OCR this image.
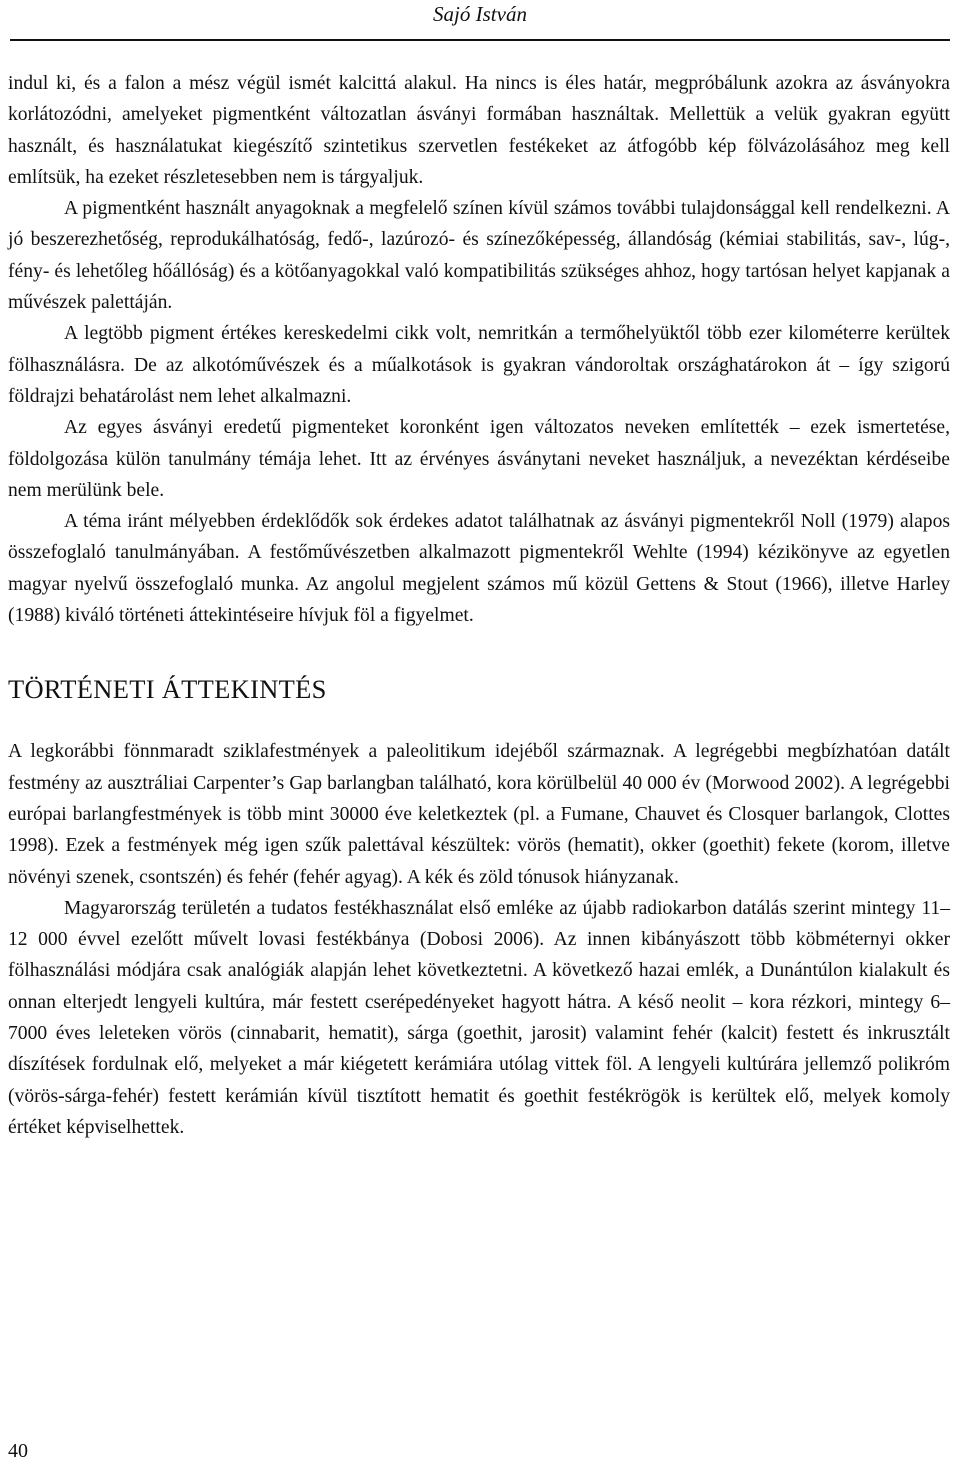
Sajó István

indul ki, és a falon a mész végül ismét kalcittá alakul. Ha nincs is éles határ, megpróbálunk azokra az ásványokra korlátozódni, amelyeket pigmentként változatlan ásványi formában használtak. Mellettük a velük gyakran együtt használt, és használatukat kiegészítő szintetikus szervetlen festékeket az átfogóbb kép fölvázolásához meg kell említsük, ha ezeket részletesebben nem is tárgyaljuk.

A pigmentként használt anyagoknak a megfelelő színen kívül számos további tulajdonsággal kell rendelkezni. A jó beszerezhetőség, reprodukálhatóság, fedő-, lazúrozó- és színezőképesség, állandóság (kémiai stabilitás, sav-, lúg-, fény- és lehetőleg hőállóság) és a kötőanyagokkal való kompatibilitás szükséges ahhoz, hogy tartósan helyet kapjanak a művészek palettáján.

A legtöbb pigment értékes kereskedelmi cikk volt, nemritkán a termőhelyüktől több ezer kilométerre kerültek fölhasználásra. De az alkotóművészek és a műalkotások is gyakran vándoroltak országhatárokon át – így szigorú földrajzi behatárolást nem lehet alkalmazni.

Az egyes ásványi eredetű pigmenteket koronként igen változatos neveken említették – ezek ismertetése, földolgozása külön tanulmány témája lehet. Itt az érvényes ásványtani neveket használjuk, a nevezéktan kérdéseibe nem merülünk bele.

A téma iránt mélyebben érdeklődők sok érdekes adatot találhatnak az ásványi pigmentekről Noll (1979) alapos összefoglaló tanulmányában. A festőművészetben alkalmazott pigmentekről Wehlte (1994) kézikönyve az egyetlen magyar nyelvű összefoglaló munka. Az angolul megjelent számos mű közül Gettens & Stout (1966), illetve Harley (1988) kiváló történeti áttekintéseire hívjuk föl a figyelmet.

TÖRTÉNETI ÁTTEKINTÉS

A legkorábbi fönnmaradt sziklafestmények a paleolitikum idejéből származnak. A legrégebbi megbízhatóan datált festmény az ausztráliai Carpenter’s Gap barlangban található, kora körülbelül 40 000 év (Morwood 2002). A legrégebbi európai barlangfestmények is több mint 30000 éve keletkeztek (pl. a Fumane, Chauvet és Closquer barlangok, Clottes 1998). Ezek a festmények még igen szűk palettával készültek: vörös (hematit), okker (goethit) fekete (korom, illetve növényi szenek, csontszén) és fehér (fehér agyag). A kék és zöld tónusok hiányzanak.

Magyarország területén a tudatos festékhasználat első emléke az újabb radiokarbon datálás szerint mintegy 11–12 000 évvel ezelőtt művelt lovasi festékbánya (Dobosi 2006). Az innen kibányászott több köbméternyi okker fölhasználási módjára csak analógiák alapján lehet következtetni. A következő hazai emlék, a Dunántúlon kialakult és onnan elterjedt lengyeli kultúra, már festett cserépedényeket hagyott hátra. A késő neolit – kora rézkori, mintegy 6–7000 éves leleteken vörös (cinnabarit, hematit), sárga (goethit, jarosit) valamint fehér (kalcit) festett és inkrusztált díszítések fordulnak elő, melyeket a már kiégetett kerámiára utólag vittek föl. A lengyeli kultúrára jellemző polikróm (vörös-sárga-fehér) festett kerámián kívül tisztított hematit és goethit festékrögök is kerültek elő, melyek komoly értéket képviselhettek.

40
